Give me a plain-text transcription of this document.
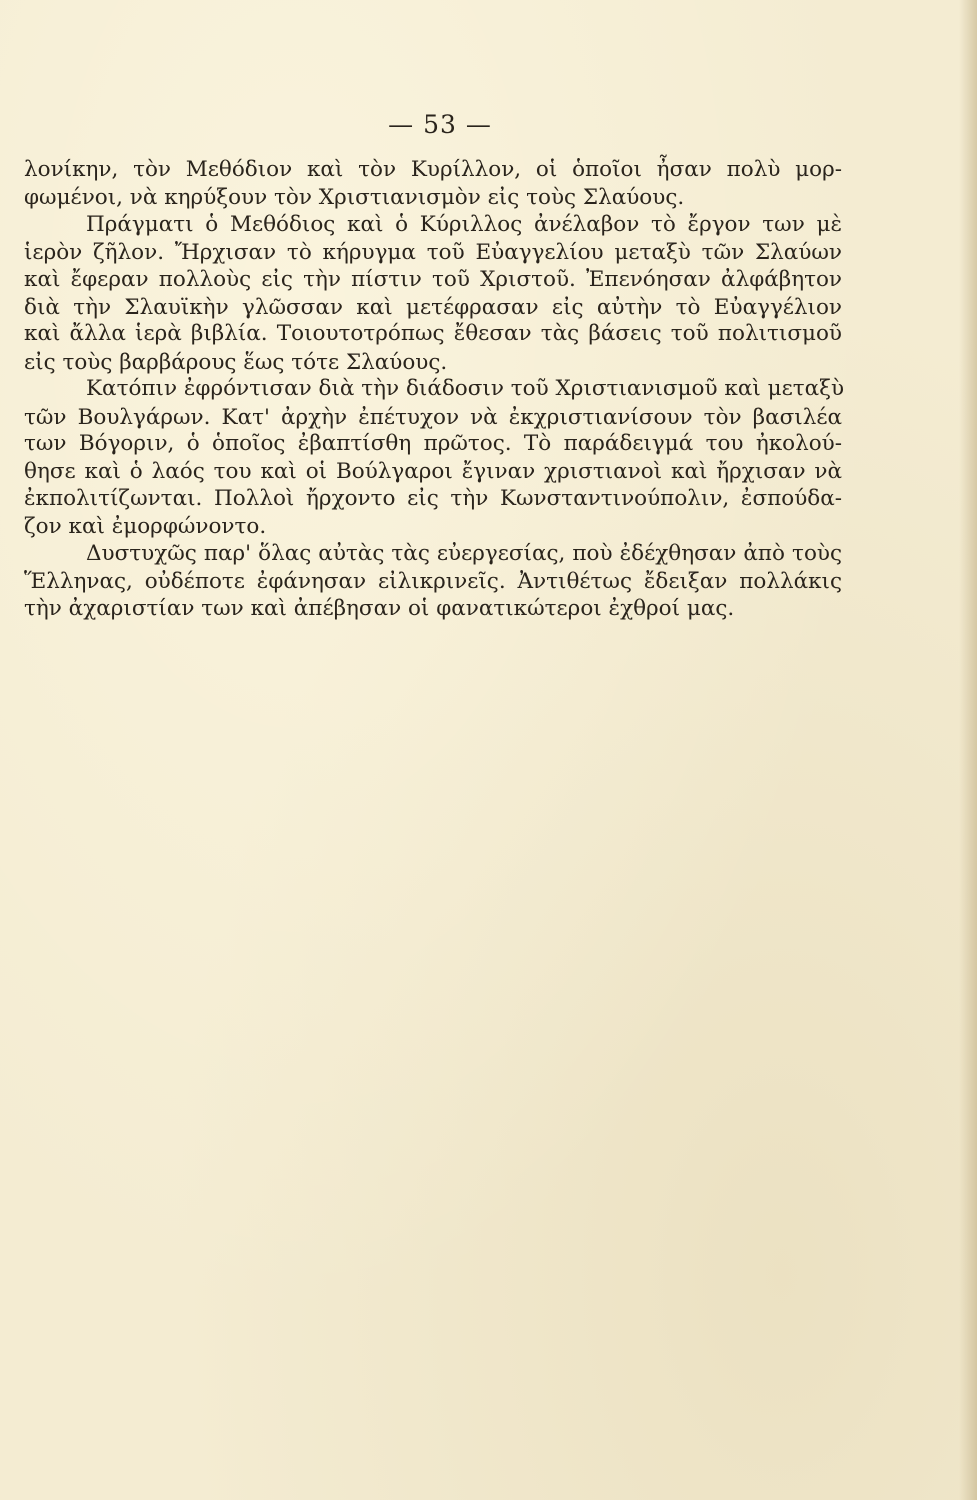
— 53 —
λονίκην, τὸν Μεθόδιον καὶ τὸν Κυρίλλον, οἱ ὁποῖοι ἦσαν πολὺ μορ-
φωμένοι, νὰ κηρύξουν τὸν Χριστιανισμὸν εἰς τοὺς Σλαύους.
Πράγματι ὁ Μεθόδιος καὶ ὁ Κύριλλος ἀνέλαβον τὸ ἔργον των μὲ
ἱερὸν ζῆλον. Ἤρχισαν τὸ κήρυγμα τοῦ Εὐαγγελίου μεταξὺ τῶν Σλαύων
καὶ ἔφεραν πολλοὺς εἰς τὴν πίστιν τοῦ Χριστοῦ. Ἐπενόησαν ἀλφάβητον
διὰ τὴν Σλαυϊκὴν γλῶσσαν καὶ μετέφρασαν εἰς αὐτὴν τὸ Εὐαγγέλιον
καὶ ἄλλα ἱερὰ βιβλία. Τοιουτοτρόπως ἔθεσαν τὰς βάσεις τοῦ πολιτισμοῦ
εἰς τοὺς βαρβάρους ἕως τότε Σλαύους.
Κατόπιν ἐφρόντισαν διὰ τὴν διάδοσιν τοῦ Χριστιανισμοῦ καὶ μεταξὺ
τῶν Βουλγάρων. Κατ' ἀρχὴν ἐπέτυχον νὰ ἐκχριστιανίσουν τὸν βασιλέα
των Βόγοριν, ὁ ὁποῖος ἐβαπτίσθη πρῶτος. Τὸ παράδειγμά του ἠκολού-
θησε καὶ ὁ λαός του καὶ οἱ Βούλγαροι ἔγιναν χριστιανοὶ καὶ ἤρχισαν νὰ
ἐκπολιτίζωνται. Πολλοὶ ἤρχοντο εἰς τὴν Κωνσταντινούπολιν, ἐσπούδα-
ζον καὶ ἐμορφώνοντο.
Δυστυχῶς παρ' ὅλας αὐτὰς τὰς εὐεργεσίας, ποὺ ἐδέχθησαν ἀπὸ τοὺς
Ἕλληνας, οὐδέποτε ἐφάνησαν εἰλικρινεῖς. Ἀντιθέτως ἔδειξαν πολλάκις
τὴν ἀχαριστίαν των καὶ ἀπέβησαν οἱ φανατικώτεροι ἐχθροί μας.
